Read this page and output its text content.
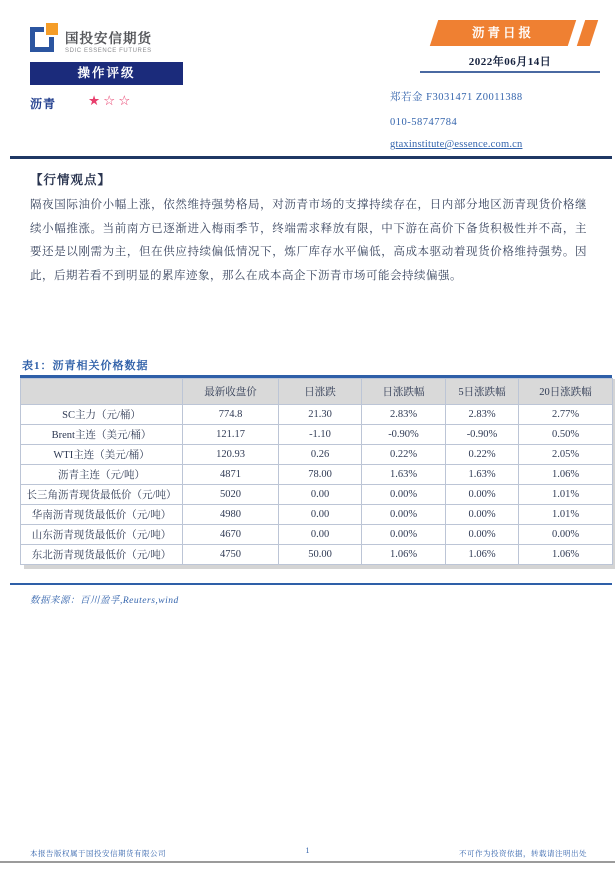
国投安信期货
SDIC ESSENCE FUTURES
操作评级
沥青 ★☆☆
沥青日报
2022年06月14日
郑若金 F3031471 Z0011388
010-58747784
gtaxinstitute@essence.com.cn
【行情观点】
隔夜国际油价小幅上涨，依然维持强势格局，对沥青市场的支撑持续存在，日内部分地区沥青现货价格继续小幅推涨。当前南方已逐渐进入梅雨季节，终端需求释放有限，中下游在高价下备货积极性并不高，主要还是以刚需为主，但在供应持续偏低情况下，炼厂库存水平偏低，高成本驱动着现货价格维持强势。因此，后期若看不到明显的累库迹象，那么在成本高企下沥青市场可能会持续偏强。
表1：沥青相关价格数据
	最新收盘价	日涨跌	日涨跌幅	5日涨跌幅	20日涨跌幅
SC主力（元/桶）	774.8	21.30	2.83%	2.83%	2.77%
Brent主连（美元/桶）	121.17	-1.10	-0.90%	-0.90%	0.50%
WTI主连（美元/桶）	120.93	0.26	0.22%	0.22%	2.05%
沥青主连（元/吨）	4871	78.00	1.63%	1.63%	1.06%
长三角沥青现货最低价（元/吨）	5020	0.00	0.00%	0.00%	1.01%
华南沥青现货最低价（元/吨）	4980	0.00	0.00%	0.00%	1.01%
山东沥青现货最低价（元/吨）	4670	0.00	0.00%	0.00%	0.00%
东北沥青现货最低价（元/吨）	4750	50.00	1.06%	1.06%	1.06%
数据来源：百川盈孚,Reuters,wind
本报告版权属于国投安信期货有限公司	1	不可作为投资依据，转载请注明出处
